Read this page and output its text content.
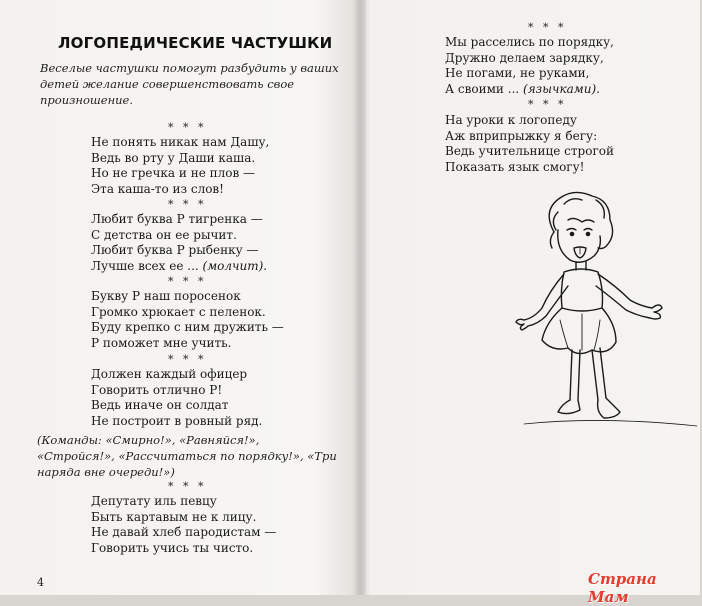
ЛОГОПЕДИЧЕСКИЕ ЧАСТУШКИ
Веселые частушки помогут разбудить у ваших детей желание совершенствовать свое произношение.
* * *
Не понять никак нам Дашу,
Ведь во рту у Даши каша.
Но не гречка и не плов —
Эта каша-то из слов!
* * *
Любит буква Р тигренка —
С детства он ее рычит.
Любит буква Р рыбенку —
Лучше всех ее ... (молчит).
* * *
Букву Р наш поросенок
Громко хрюкает с пеленок.
Буду крепко с ним дружить —
Р поможет мне учить.
* * *
Должен каждый офицер
Говорить отлично Р!
Ведь иначе он солдат
Не построит в ровный ряд.
(Команды: «Смирно!», «Равняйся!», «Стройся!», «Рассчитаться по порядку!», «Три наряда вне очереди!»)
* * *
Депутату иль певцу
Быть картавым не к лицу.
Не давай хлеб пародистам —
Говорить учись ты чисто.
4
* * *
Мы расселись по порядку,
Дружно делаем зарядку,
Не погами, не руками,
А своими ... (язычками).
* * *
На уроки к логопеду
Аж вприпрыжку я бегу:
Ведь учительнице строгой
Показать язык смогу!
Страна Мам
